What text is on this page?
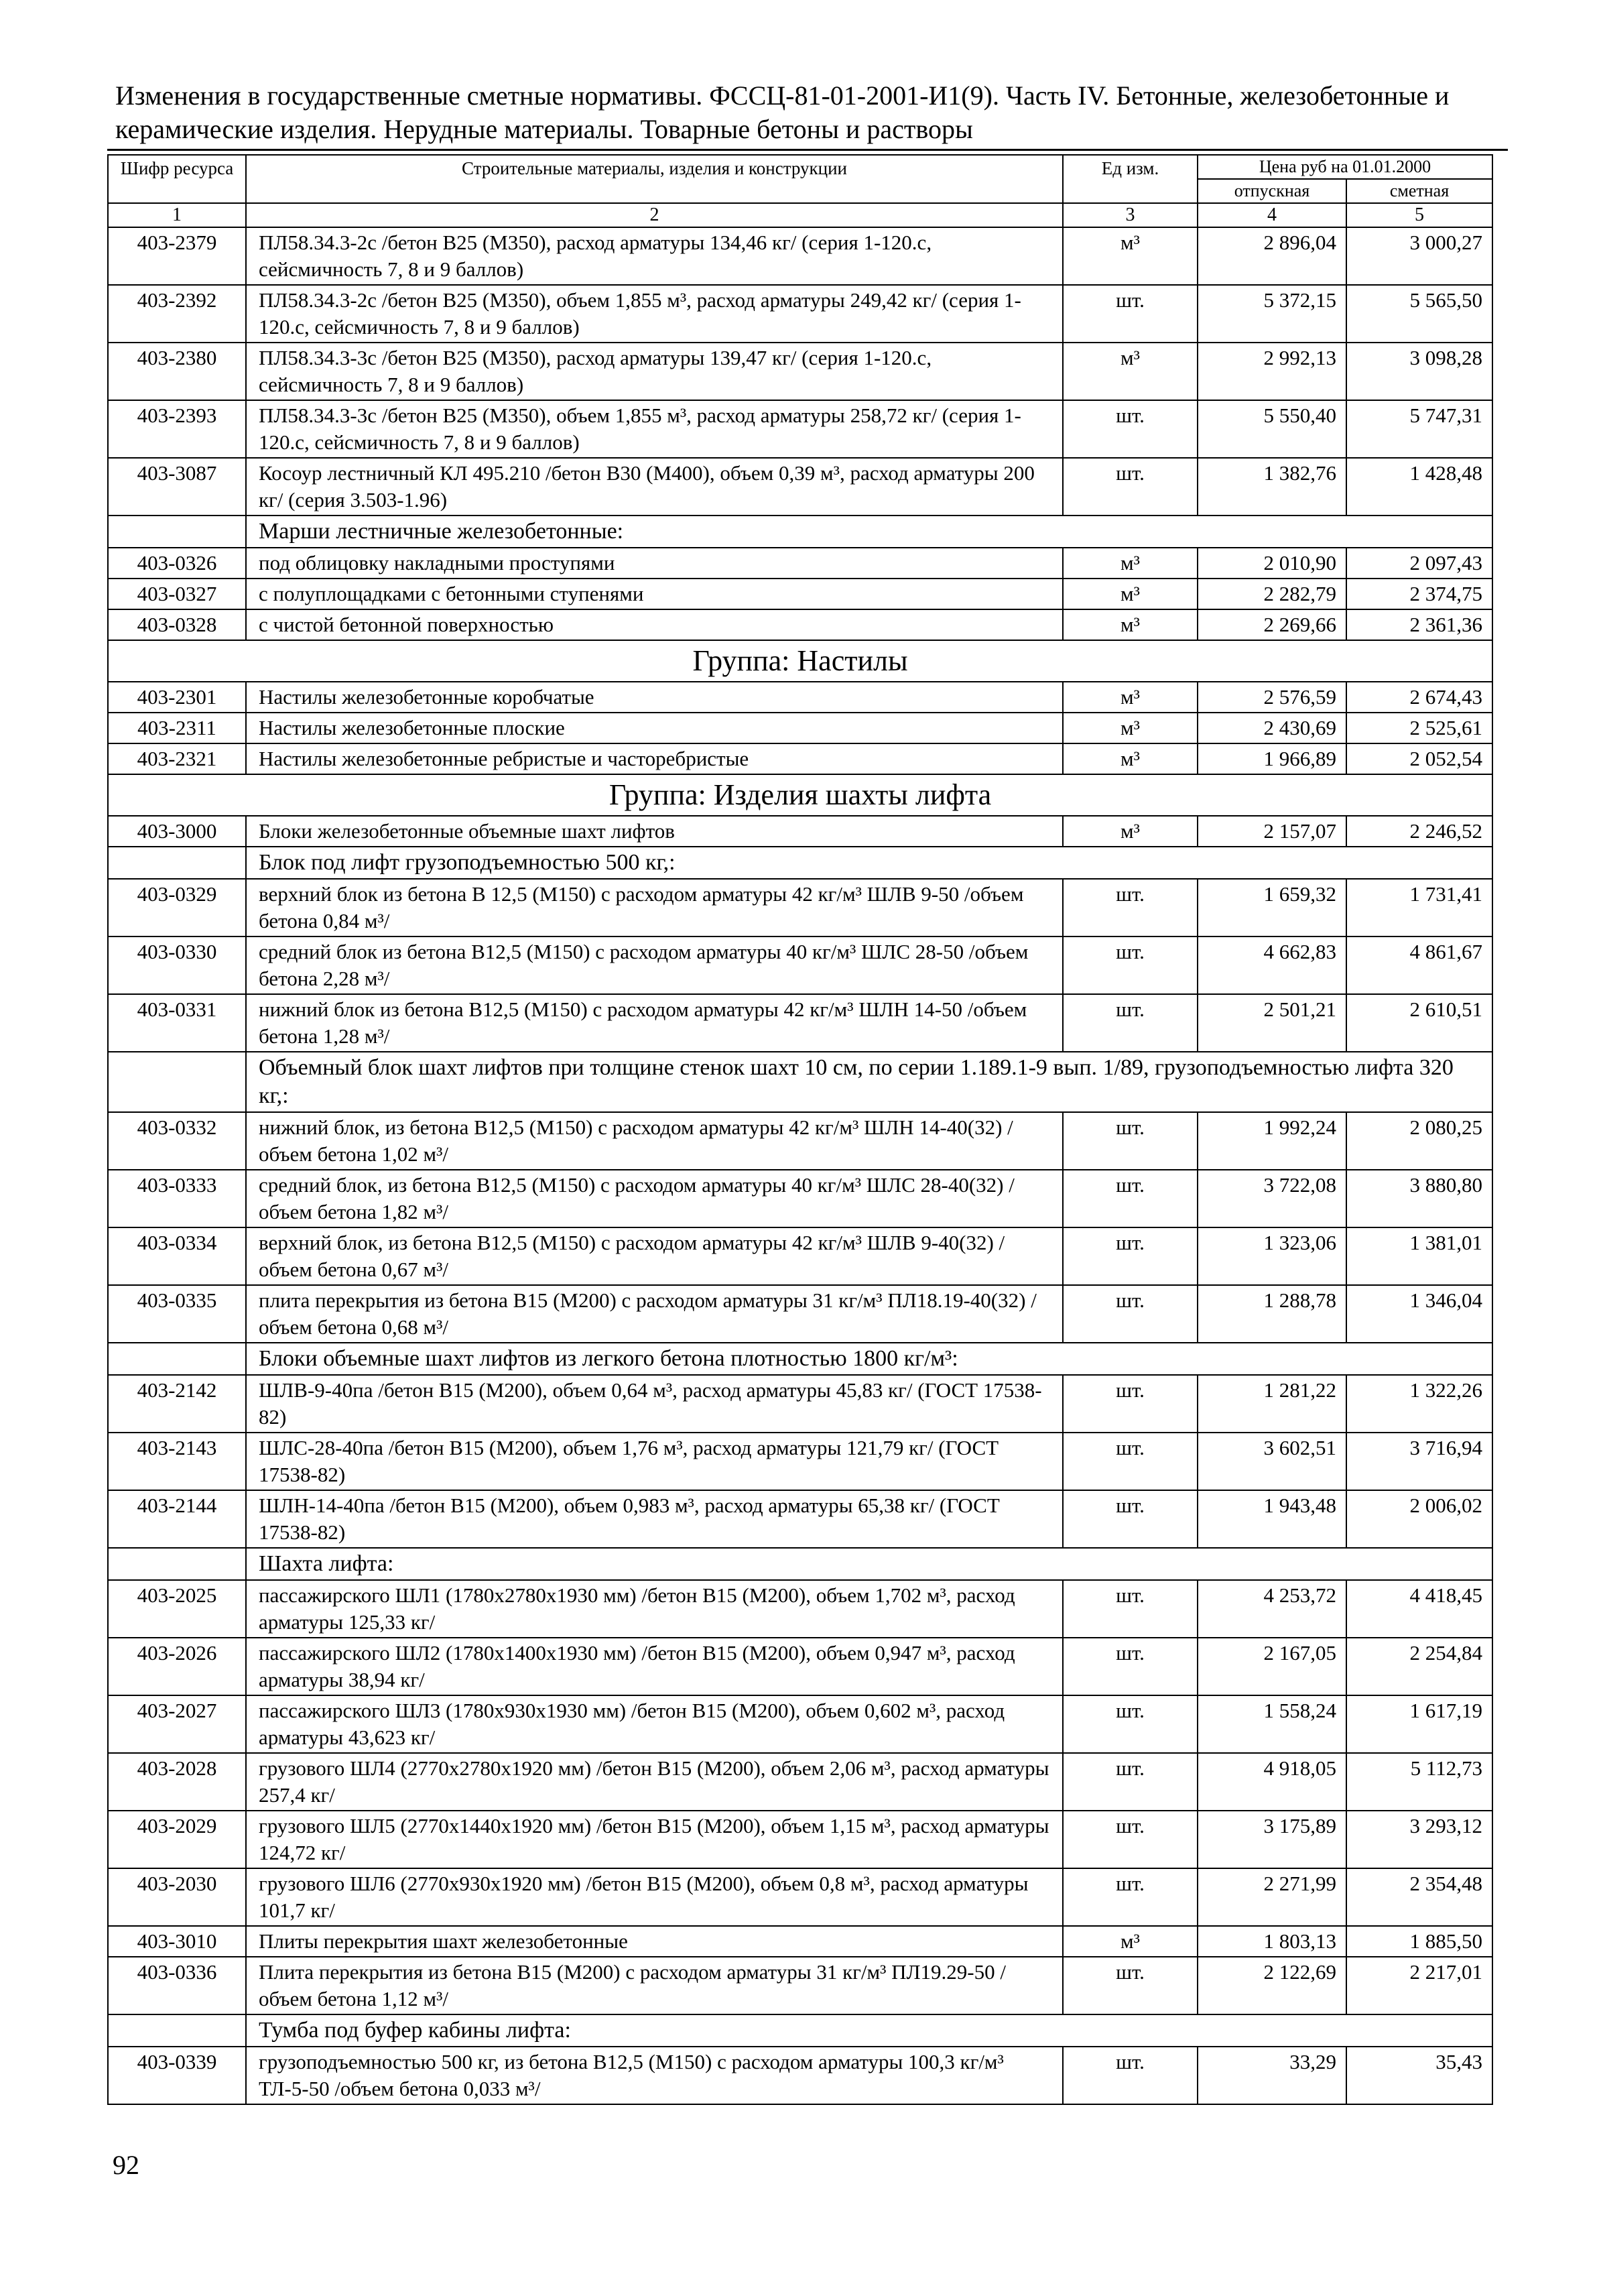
Изменения в государственные сметные нормативы. ФССЦ-81-01-2001-И1(9). Часть IV. Бетонные, железобетонные и керамические изделия. Нерудные материалы. Товарные бетоны и растворы
Шифр ресурса	Строительные материалы, изделия и конструкции	Ед изм.	Цена руб на 01.01.2000	
			отпускная	сметная
1	2	3	4	5
403-2379	ПЛ58.34.3-2с /бетон В25 (М350), расход арматуры 134,46 кг/ (серия 1-120.с, сейсмичность 7, 8 и 9 баллов)	м³	2 896,04	3 000,27
403-2392	ПЛ58.34.3-2с /бетон В25 (М350), объем 1,855 м³, расход арматуры 249,42 кг/ (серия 1-120.с, сейсмичность 7, 8 и 9 баллов)	шт.	5 372,15	5 565,50
403-2380	ПЛ58.34.3-3с /бетон В25 (М350), расход арматуры 139,47 кг/ (серия 1-120.с, сейсмичность 7, 8 и 9 баллов)	м³	2 992,13	3 098,28
403-2393	ПЛ58.34.3-3с /бетон В25 (М350), объем 1,855 м³, расход арматуры 258,72 кг/ (серия 1-120.с, сейсмичность 7, 8 и 9 баллов)	шт.	5 550,40	5 747,31
403-3087	Косоур лестничный КЛ 495.210 /бетон В30 (М400), объем 0,39 м³, расход арматуры 200 кг/ (серия 3.503-1.96)	шт.	1 382,76	1 428,48
	Марши лестничные железобетонные:			
403-0326	под облицовку накладными проступями	м³	2 010,90	2 097,43
403-0327	с полуплощадками с бетонными ступенями	м³	2 282,79	2 374,75
403-0328	с чистой бетонной поверхностью	м³	2 269,66	2 361,36
Группа: Настилы				
403-2301	Настилы железобетонные коробчатые	м³	2 576,59	2 674,43
403-2311	Настилы железобетонные плоские	м³	2 430,69	2 525,61
403-2321	Настилы железобетонные ребристые и часторебристые	м³	1 966,89	2 052,54
Группа: Изделия шахты лифта				
403-3000	Блоки железобетонные объемные шахт лифтов	м³	2 157,07	2 246,52
	Блок под лифт грузоподъемностью 500 кг,:			
403-0329	верхний блок из бетона В 12,5 (М150) с расходом арматуры 42 кг/м³ ШЛВ 9-50 /объем бетона 0,84 м³/	шт.	1 659,32	1 731,41
403-0330	средний блок из бетона В12,5 (М150) с расходом арматуры 40 кг/м³ ШЛС 28-50 /объем бетона 2,28 м³/	шт.	4 662,83	4 861,67
403-0331	нижний блок из бетона В12,5 (М150) с расходом арматуры 42 кг/м³ ШЛН 14-50 /объем бетона 1,28 м³/	шт.	2 501,21	2 610,51
	Объемный блок шахт лифтов при толщине стенок шахт 10 см, по серии 1.189.1-9 вып. 1/89, грузоподъемностью лифта 320 кг,:			
403-0332	нижний блок, из бетона В12,5 (М150) с расходом арматуры 42 кг/м³ ШЛН 14-40(32) /объем бетона 1,02 м³/	шт.	1 992,24	2 080,25
403-0333	средний блок, из бетона В12,5 (М150) с расходом арматуры 40 кг/м³ ШЛС 28-40(32) /объем бетона 1,82 м³/	шт.	3 722,08	3 880,80
403-0334	верхний блок, из бетона В12,5 (М150) с расходом арматуры 42 кг/м³ ШЛВ 9-40(32) /объем бетона 0,67 м³/	шт.	1 323,06	1 381,01
403-0335	плита перекрытия из бетона В15 (М200) с расходом арматуры 31 кг/м³ ПЛ18.19-40(32) /объем бетона 0,68 м³/	шт.	1 288,78	1 346,04
	Блоки объемные шахт лифтов из легкого бетона плотностью 1800 кг/м³:			
403-2142	ШЛВ-9-40па /бетон В15 (М200), объем 0,64 м³, расход арматуры 45,83 кг/ (ГОСТ 17538-82)	шт.	1 281,22	1 322,26
403-2143	ШЛС-28-40па /бетон В15 (М200), объем 1,76 м³, расход арматуры 121,79 кг/ (ГОСТ 17538-82)	шт.	3 602,51	3 716,94
403-2144	ШЛН-14-40па /бетон В15 (М200), объем 0,983 м³, расход арматуры 65,38 кг/ (ГОСТ 17538-82)	шт.	1 943,48	2 006,02
	Шахта лифта:			
403-2025	пассажирского ШЛ1 (1780х2780х1930 мм) /бетон В15 (М200), объем 1,702 м³, расход арматуры 125,33 кг/	шт.	4 253,72	4 418,45
403-2026	пассажирского ШЛ2 (1780х1400х1930 мм) /бетон В15 (М200), объем 0,947 м³, расход арматуры 38,94 кг/	шт.	2 167,05	2 254,84
403-2027	пассажирского ШЛ3 (1780х930х1930 мм) /бетон В15 (М200), объем 0,602 м³, расход арматуры 43,623 кг/	шт.	1 558,24	1 617,19
403-2028	грузового ШЛ4 (2770х2780х1920 мм) /бетон В15 (М200), объем 2,06 м³, расход арматуры 257,4 кг/	шт.	4 918,05	5 112,73
403-2029	грузового ШЛ5 (2770х1440х1920 мм) /бетон В15 (М200), объем 1,15 м³, расход арматуры 124,72 кг/	шт.	3 175,89	3 293,12
403-2030	грузового ШЛ6 (2770х930х1920 мм) /бетон В15 (М200), объем 0,8 м³, расход арматуры 101,7 кг/	шт.	2 271,99	2 354,48
403-3010	Плиты перекрытия шахт железобетонные	м³	1 803,13	1 885,50
403-0336	Плита перекрытия из бетона В15 (М200) с расходом арматуры 31 кг/м³ ПЛ19.29-50 /объем бетона 1,12 м³/	шт.	2 122,69	2 217,01
	Тумба под буфер кабины лифта:			
403-0339	грузоподъемностью 500 кг, из бетона В12,5 (М150) с расходом арматуры 100,3 кг/м³ ТЛ-5-50 /объем бетона 0,033 м³/	шт.	33,29	35,43
92
